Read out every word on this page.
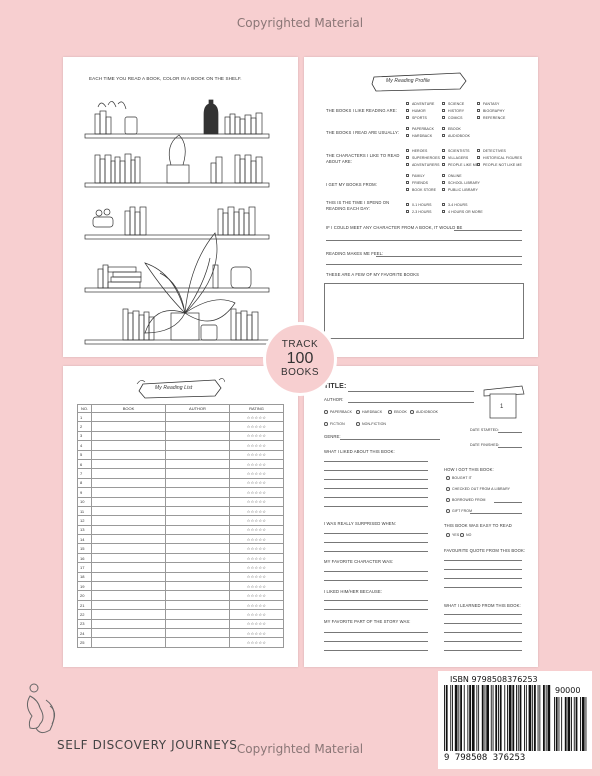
Copyrighted Material
EACH TIME YOU READ A BOOK, COLOR IN A BOOK ON THE SHELF.	My Reading Profile
THE BOOKS I LIKE READING ARE:
ADVENTURE	SCIENCE	FANTASY
HUMOR	HISTORY	BIOGRAPHY
SPORTS	COMICS	REFERENCE
THE BOOKS I READ ARE USUALLY:
PAPERBACK	EBOOK
HARDBACK	AUDIOBOOK
THE CHARACTERS I LIKE TO READ ABOUT ARE:
HEROES	SCIENTISTS	DETECTIVES
SUPERHEROES VILLAGERS	HISTORICAL FIGURES
ADVENTURERS PEOPLE LIKE ME PEOPLE NOT LIKE ME
I GET MY BOOKS FROM:
FAMILY	ONLINE
FRIENDS	SCHOOL LIBRARY
BOOK STORE	PUBLIC LIBRARY
THIS IS THE TIME I SPEND ON READING EACH DAY:
0-1 HOURS	3-4 HOURS
2-3 HOURS	4 HOURS OR MORE
IF I COULD MEET ANY CHARACTER FROM A BOOK, IT WOULD BE
READING MAKES ME FEEL:
THESE ARE A FEW OF MY FAVORITE BOOKS
My Reading List
NO.	BOOK	AUTHOR	RATING
1			☆☆☆☆☆
2			☆☆☆☆☆
3			☆☆☆☆☆
4			☆☆☆☆☆
5			☆☆☆☆☆
6			☆☆☆☆☆
7			☆☆☆☆☆
8			☆☆☆☆☆
9			☆☆☆☆☆
10			☆☆☆☆☆
11			☆☆☆☆☆
12			☆☆☆☆☆
13			☆☆☆☆☆
14			☆☆☆☆☆
15			☆☆☆☆☆
16			☆☆☆☆☆
17			☆☆☆☆☆
18			☆☆☆☆☆
19			☆☆☆☆☆
20			☆☆☆☆☆
21			☆☆☆☆☆
22			☆☆☆☆☆
23			☆☆☆☆☆
24			☆☆☆☆☆
25			☆☆☆☆☆
TITLE:
AUTHOR:
PAPERBACK	HARDBACK	EBOOK	AUDIOBOOK
FICTION	NON-FICTION
GENRE:
1
DATE STARTED:
DATE FINISHED:
WHAT I LIKED ABOUT THIS BOOK:
I WAS REALLY SURPRISED WHEN:
MY FAVORITE CHARACTER WAS:
I LIKED HIM/HER BECAUSE:
MY FAVORITE PART OF THE STORY WAS:
HOW I GOT THIS BOOK:
BOUGHT IT
CHECKED OUT FROM A LIBRARY
BORROWED FROM
GIFT FROM
THIS BOOK WAS EASY TO READ
YES NO
FAVOURITE QUOTE FROM THIS BOOK:
WHAT I LEARNED FROM THIS BOOK:
TRACK
100
BOOKS
SELF DISCOVERY JOURNEYS
ISBN 9798508376253
90000
9 798508 376253
Copyrighted Material
